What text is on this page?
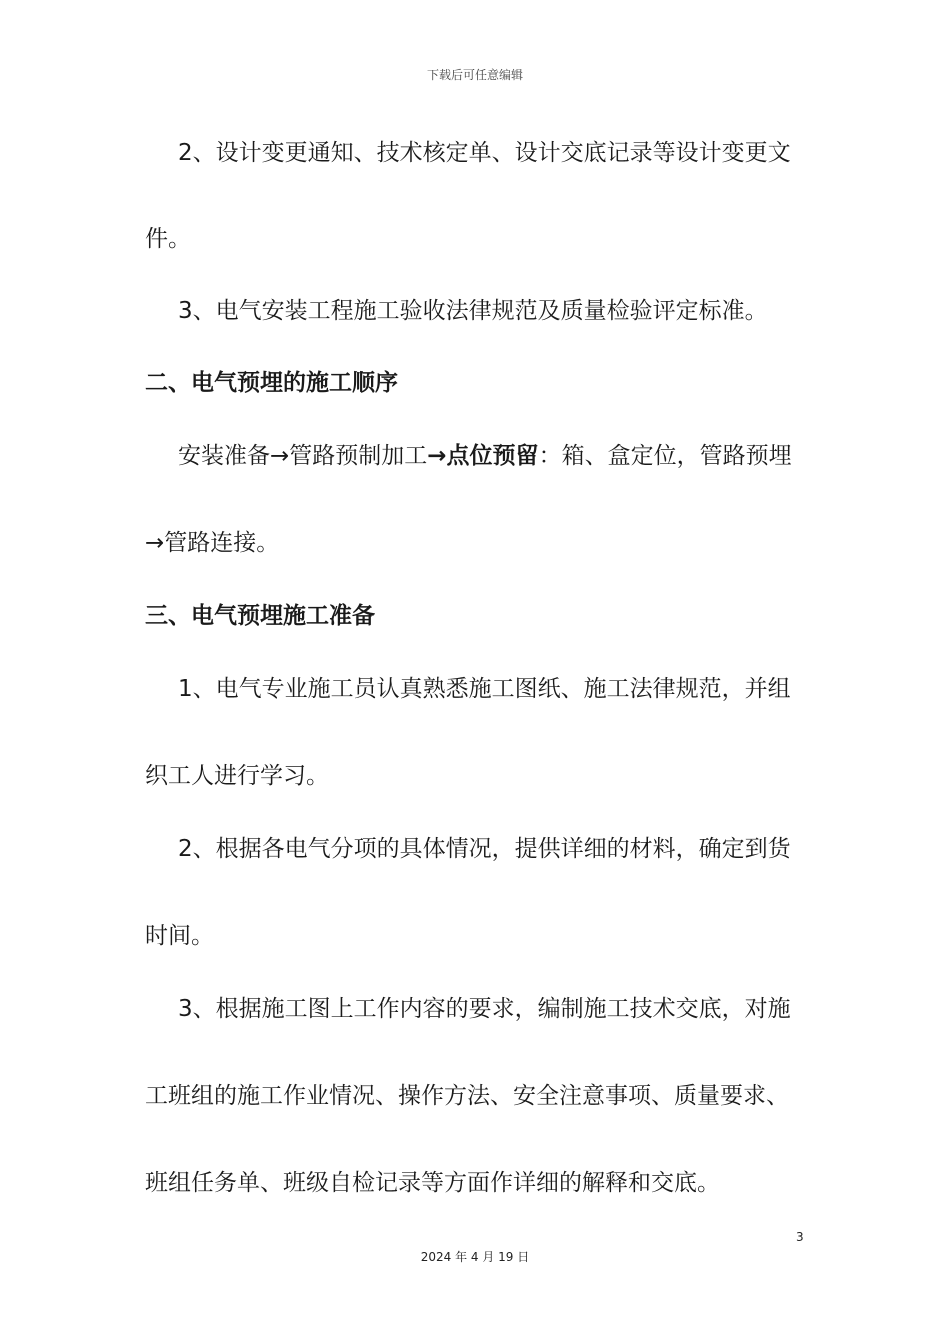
下载后可任意编辑
2、设计变更通知、技术核定单、设计交底记录等设计变更文
件。
3、电气安装工程施工验收法律规范及质量检验评定标准。
二、电气预埋的施工顺序
安装准备→管路预制加工→点位预留：箱、盒定位，管路预埋
→管路连接。
三、电气预埋施工准备
1、电气专业施工员认真熟悉施工图纸、施工法律规范，并组
织工人进行学习。
2、根据各电气分项的具体情况，提供详细的材料，确定到货
时间。
3、根据施工图上工作内容的要求，编制施工技术交底，对施
工班组的施工作业情况、操作方法、安全注意事项、质量要求、
班组任务单、班级自检记录等方面作详细的解释和交底。
3
2024 年 4 月 19 日
